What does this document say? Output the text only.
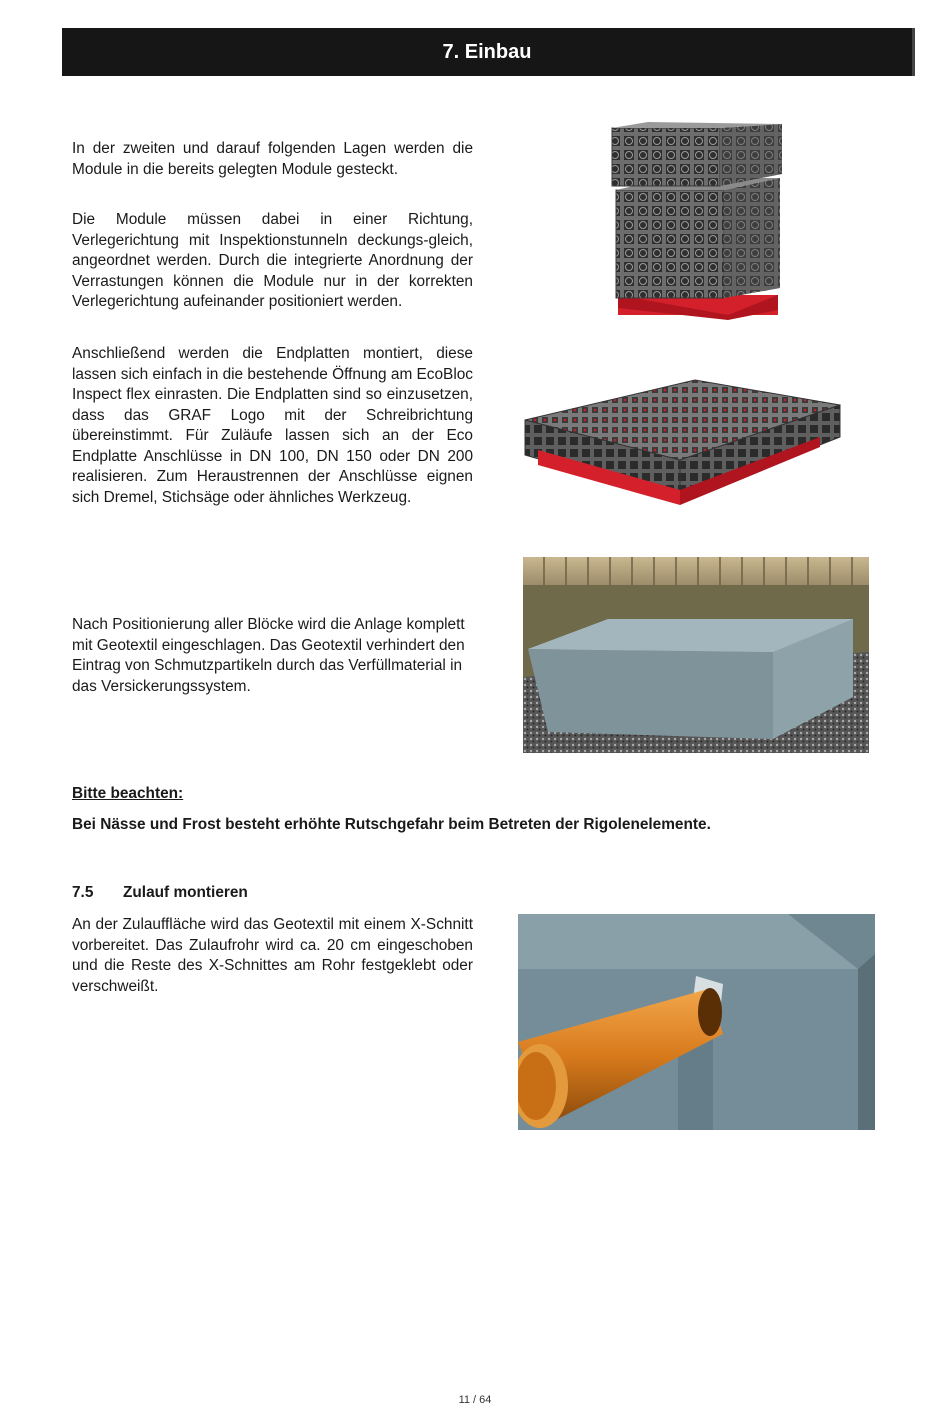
7 . Einbau

In der zweiten und darauf folgenden Lagen werden die Module in die bereits gelegten Module gesteckt.

Die Module müssen dabei in einer Richtung, Verlegerichtung mit Inspektionstunneln deckungs-gleich, angeordnet werden. Durch die integrierte Anordnung der Verrastungen können die Module nur in der korrekten Verlegerichtung aufeinander positioniert werden.

Anschließend werden die Endplatten montiert, diese lassen sich einfach in die bestehende Öffnung am EcoBloc Inspect flex einrasten. Die Endplatten sind so einzusetzen, dass das GRAF Logo mit der Schreibrichtung übereinstimmt. Für Zuläufe lassen sich an der Eco Endplatte Anschlüsse in DN 100, DN 150 oder DN 200 realisieren. Zum Heraustrennen der Anschlüsse eignen sich Dremel, Stichsäge oder ähnliches Werkzeug.

Nach Positionierung aller Blöcke wird die Anlage komplett mit Geotextil eingeschlagen. Das Geotextil verhindert den Eintrag von Schmutzpartikeln durch das Verfüllmaterial in das Versickerungssystem.

Bitte beachten:

Bei Nässe und Frost besteht erhöhte Rutschgefahr beim Betreten der Rigolenelemente.

7.5	Zulauf montieren

An der Zulauffläche wird das Geotextil mit einem X-Schnitt vorbereitet. Das Zulaufrohr wird ca. 20 cm eingeschoben und die Reste des X-Schnittes am Rohr festgeklebt oder verschweißt.

11 / 64
